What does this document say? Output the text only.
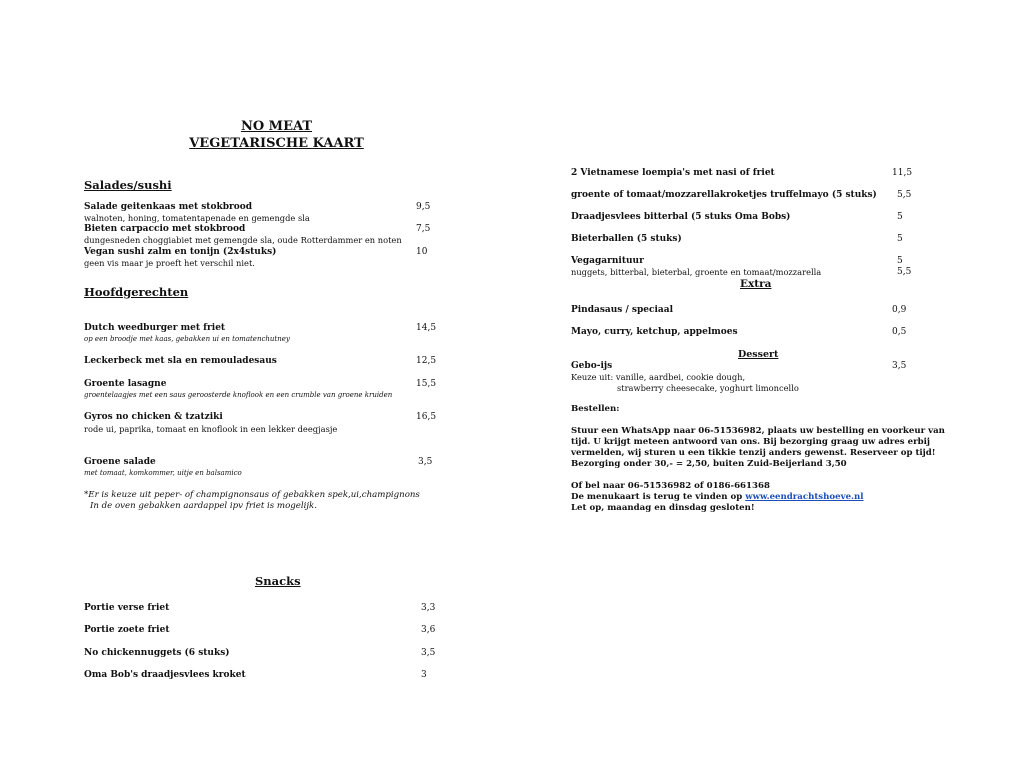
NO MEAT
VEGETARISCHE KAART
Salades/sushi
Salade geitenkaas met stokbrood	9,5
walnoten, honing, tomatentapenade en gemengde sla
Bieten carpaccio met stokbrood	7,5
dungesneden choggiabiet met gemengde sla, oude Rotterdammer en noten
Vegan sushi zalm en tonijn (2x4stuks)	10
geen vis maar je proeft het verschil niet.
Hoofdgerechten
Dutch weedburger met friet	14,5
op een broodje met kaas, gebakken ui en tomatenchutney
Leckerbeck met sla en remouladesaus	12,5
Groente lasagne	15,5
groentelaagjes met een saus geroosterde knoflook en een crumble van groene kruiden
Gyros no chicken & tzatziki	16,5
rode ui, paprika, tomaat en knoflook in een lekker deegjasje
Groene salade	3,5
met tomaat, komkommer, uitje en balsamico
*Er is keuze uit peper- of champignonsaus of gebakken spek,ui,champignons
In de oven gebakken aardappel ipv friet is mogelijk.
Snacks
Portie verse friet	3,3
Portie zoete friet	3,6
No chickennuggets (6 stuks)	3,5
Oma Bob's draadjesvlees kroket	3
2 Vietnamese loempia's met nasi of friet	11,5
groente of tomaat/mozzarellakroketjes truffelmayo (5 stuks) 5,5
Draadjesvlees bitterbal (5 stuks Oma Bobs)	5
Bieterballen (5 stuks)	5
Vegagarnituur	5
nuggets, bitterbal, bieterbal, groente en tomaat/mozzarella	5,5
Extra
Pindasaus / speciaal	0,9
Mayo, curry, ketchup, appelmoes	0,5
Dessert
Gebo-ijs	3,5
Keuze uit: vanille, aardbei, cookie dough,
strawberry cheesecake, yoghurt limoncello
Bestellen:
Stuur een WhatsApp naar 06-51536982, plaats uw bestelling en voorkeur van
tijd. U krijgt meteen antwoord van ons. Bij bezorging graag uw adres erbij
vermelden, wij sturen u een tikkie tenzij anders gewenst. Reserveer op tijd!
Bezorging onder 30,- = 2,50, buiten Zuid-Beijerland 3,50
Of bel naar 06-51536982 of 0186-661368
De menukaart is terug te vinden op www.eendrachtshoeve.nl
Let op, maandag en dinsdag gesloten!
